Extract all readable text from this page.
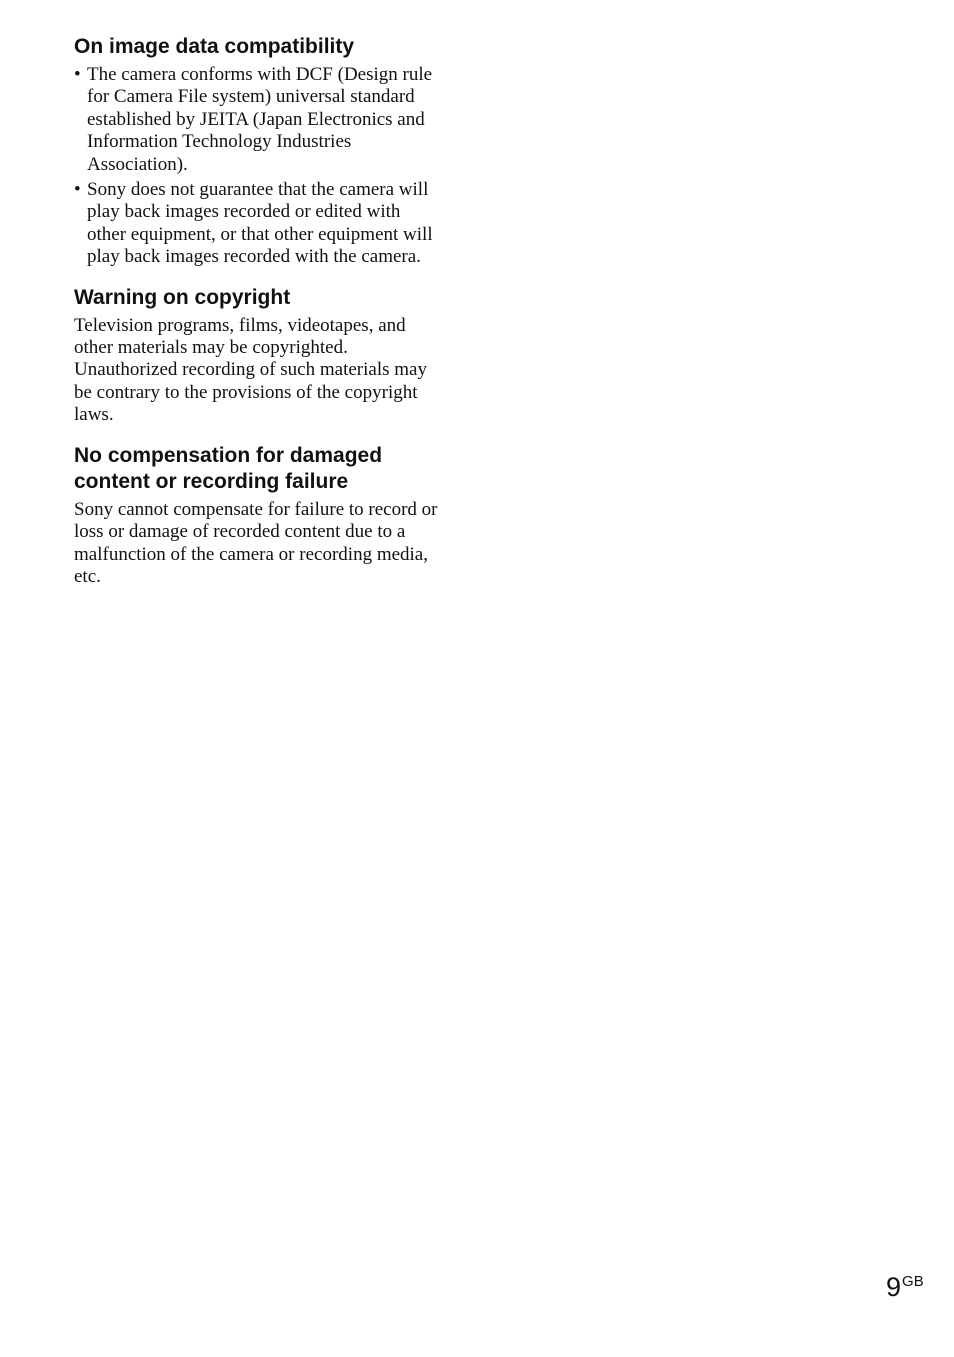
On image data compatibility
• The camera conforms with DCF (Design rule for Camera File system) universal standard established by JEITA (Japan Electronics and Information Technology Industries Association).
• Sony does not guarantee that the camera will play back images recorded or edited with other equipment, or that other equipment will play back images recorded with the camera.
Warning on copyright

Television programs, films, videotapes, and other materials may be copyrighted. Unauthorized recording of such materials may be contrary to the provisions of the copyright laws.

No compensation for damaged content or recording failure

Sony cannot compensate for failure to record or loss or damage of recorded content due to a malfunction of the camera or recording media, etc.

$9^{GB}$
